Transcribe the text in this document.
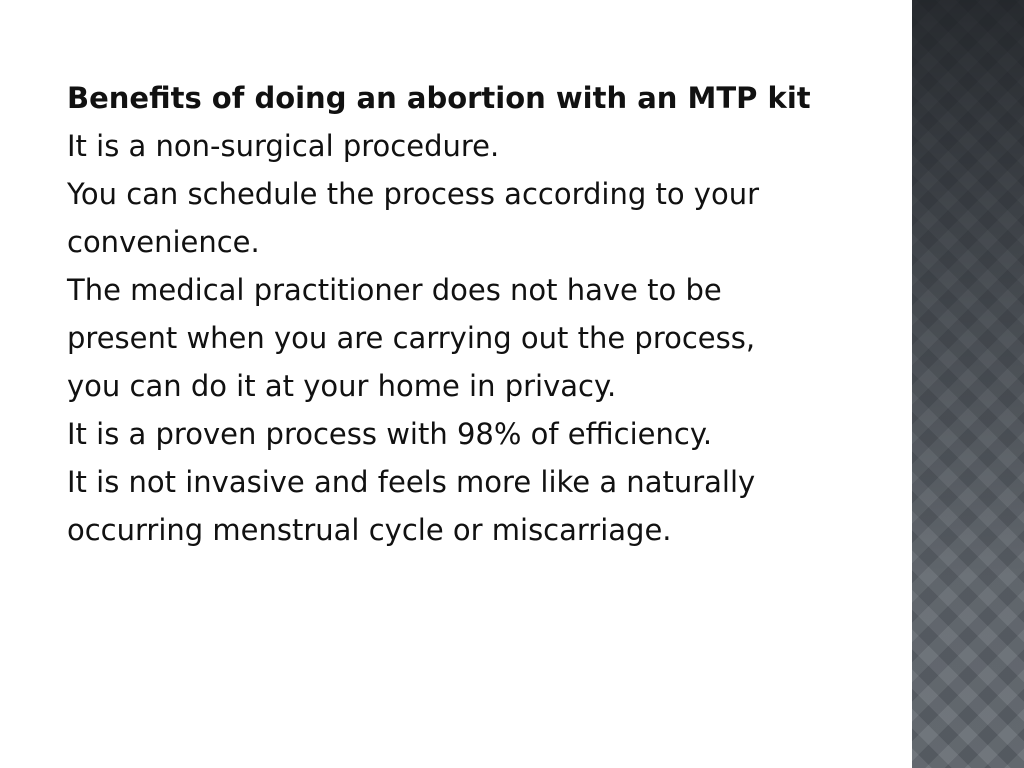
Benefits of doing an abortion with an MTP kit
It is a non-surgical procedure.
You can schedule the process according to your
convenience.
The medical practitioner does not have to be
present when you are carrying out the process,
you can do it at your home in privacy.
It is a proven process with 98% of efficiency.
It is not invasive and feels more like a naturally
occurring menstrual cycle or miscarriage.
